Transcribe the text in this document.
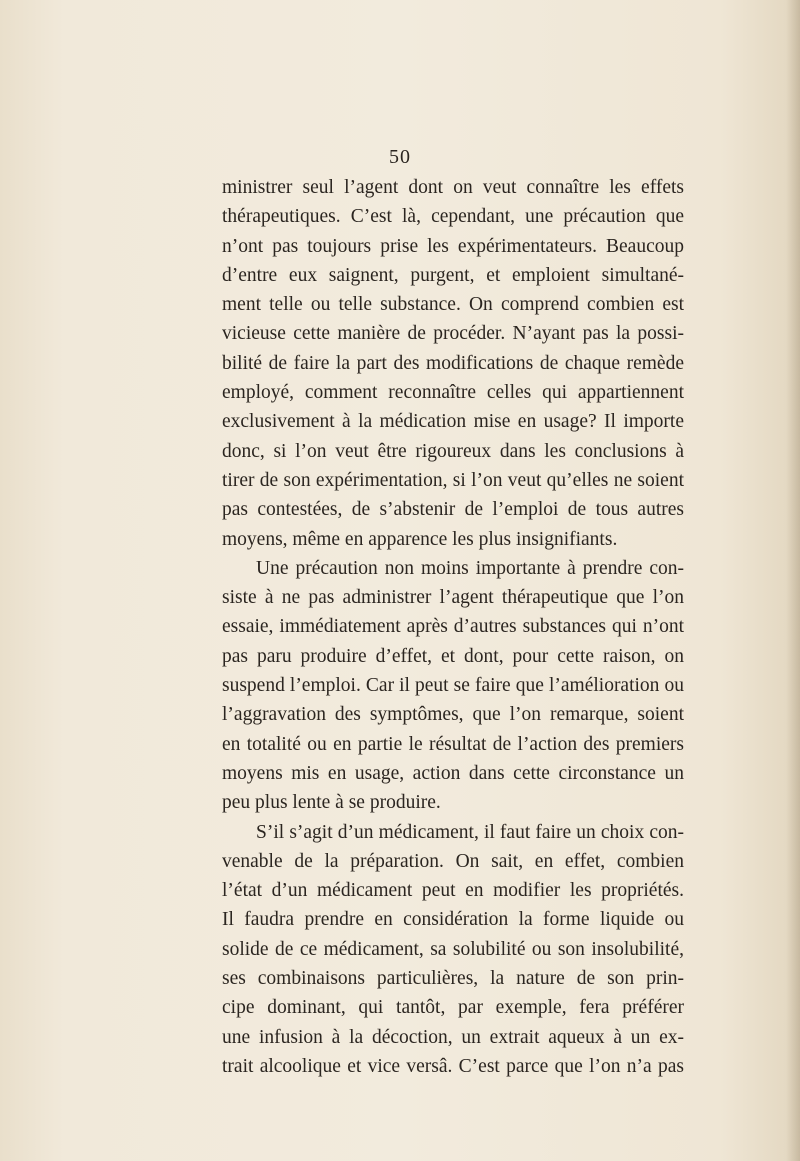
50
ministrer seul l’agent dont on veut connaître les effets
thérapeutiques. C’est là, cependant, une précaution que
n’ont pas toujours prise les expérimentateurs. Beaucoup
d’entre eux saignent, purgent, et emploient simultané-
ment telle ou telle substance. On comprend combien est
vicieuse cette manière de procéder. N’ayant pas la possi-
bilité de faire la part des modifications de chaque remède
employé, comment reconnaître celles qui appartiennent
exclusivement à la médication mise en usage? Il importe
donc, si l’on veut être rigoureux dans les conclusions à
tirer de son expérimentation, si l’on veut qu’elles ne soient
pas contestées, de s’abstenir de l’emploi de tous autres
moyens, même en apparence les plus insignifiants.
Une précaution non moins importante à prendre con-
siste à ne pas administrer l’agent thérapeutique que l’on
essaie, immédiatement après d’autres substances qui n’ont
pas paru produire d’effet, et dont, pour cette raison, on
suspend l’emploi. Car il peut se faire que l’amélioration ou
l’aggravation des symptômes, que l’on remarque, soient
en totalité ou en partie le résultat de l’action des premiers
moyens mis en usage, action dans cette circonstance un
peu plus lente à se produire.
S’il s’agit d’un médicament, il faut faire un choix con-
venable de la préparation. On sait, en effet, combien
l’état d’un médicament peut en modifier les propriétés.
Il faudra prendre en considération la forme liquide ou
solide de ce médicament, sa solubilité ou son insolubilité,
ses combinaisons particulières, la nature de son prin-
cipe dominant, qui tantôt, par exemple, fera préférer
une infusion à la décoction, un extrait aqueux à un ex-
trait alcoolique et vice versâ. C’est parce que l’on n’a pas
